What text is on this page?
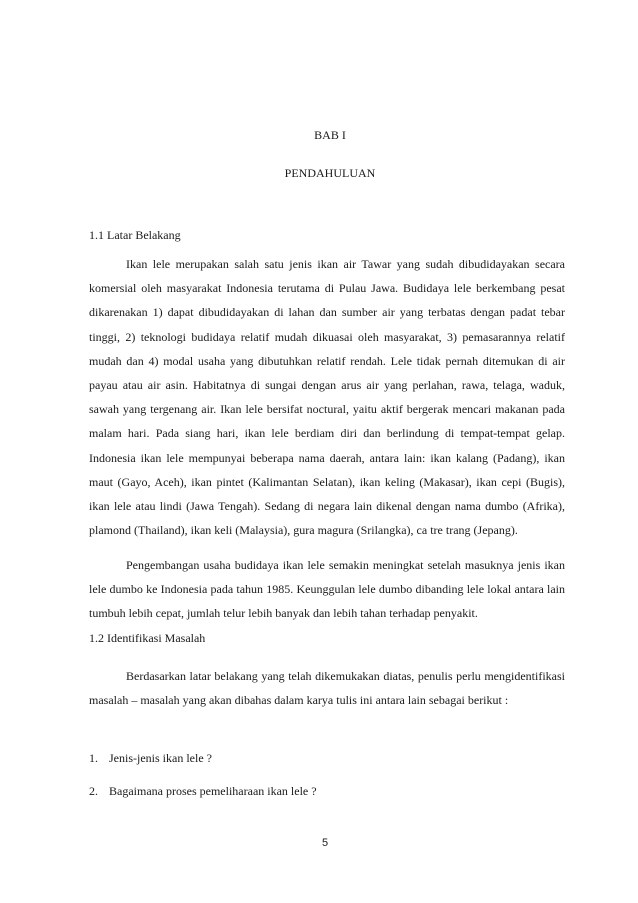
BAB I
PENDAHULUAN
1.1 Latar Belakang

Ikan lele merupakan salah satu jenis ikan air Tawar yang sudah dibudidayakan secara komersial oleh masyarakat Indonesia terutama di Pulau Jawa. Budidaya lele berkembang pesat dikarenakan 1) dapat dibudidayakan di lahan dan sumber air yang terbatas dengan padat tebar tinggi, 2) teknologi budidaya relatif mudah dikuasai oleh masyarakat, 3) pemasarannya relatif mudah dan 4) modal usaha yang dibutuhkan relatif rendah. Lele tidak pernah ditemukan di air payau atau air asin. Habitatnya di sungai dengan arus air yang perlahan, rawa, telaga, waduk, sawah yang tergenang air. Ikan lele bersifat noctural, yaitu aktif bergerak mencari makanan pada malam hari. Pada siang hari, ikan lele berdiam diri dan berlindung di tempat-tempat gelap. Indonesia ikan lele mempunyai beberapa nama daerah, antara lain: ikan kalang (Padang), ikan maut (Gayo, Aceh), ikan pintet (Kalimantan Selatan), ikan keling (Makasar), ikan cepi (Bugis), ikan lele atau lindi (Jawa Tengah). Sedang di negara lain dikenal dengan nama dumbo (Afrika), plamond (Thailand), ikan keli (Malaysia), gura magura (Srilangka), ca tre trang (Jepang).

Pengembangan usaha budidaya ikan lele semakin meningkat setelah masuknya jenis ikan lele dumbo ke Indonesia pada tahun 1985. Keunggulan lele dumbo dibanding lele lokal antara lain tumbuh lebih cepat, jumlah telur lebih banyak dan lebih tahan terhadap penyakit.

1.2 Identifikasi Masalah

Berdasarkan latar belakang yang telah dikemukakan diatas, penulis perlu mengidentifikasi masalah – masalah yang akan dibahas dalam karya tulis ini antara lain sebagai berikut :

1. Jenis-jenis ikan lele ?
2. Bagaimana proses pemeliharaan ikan lele ?
5
